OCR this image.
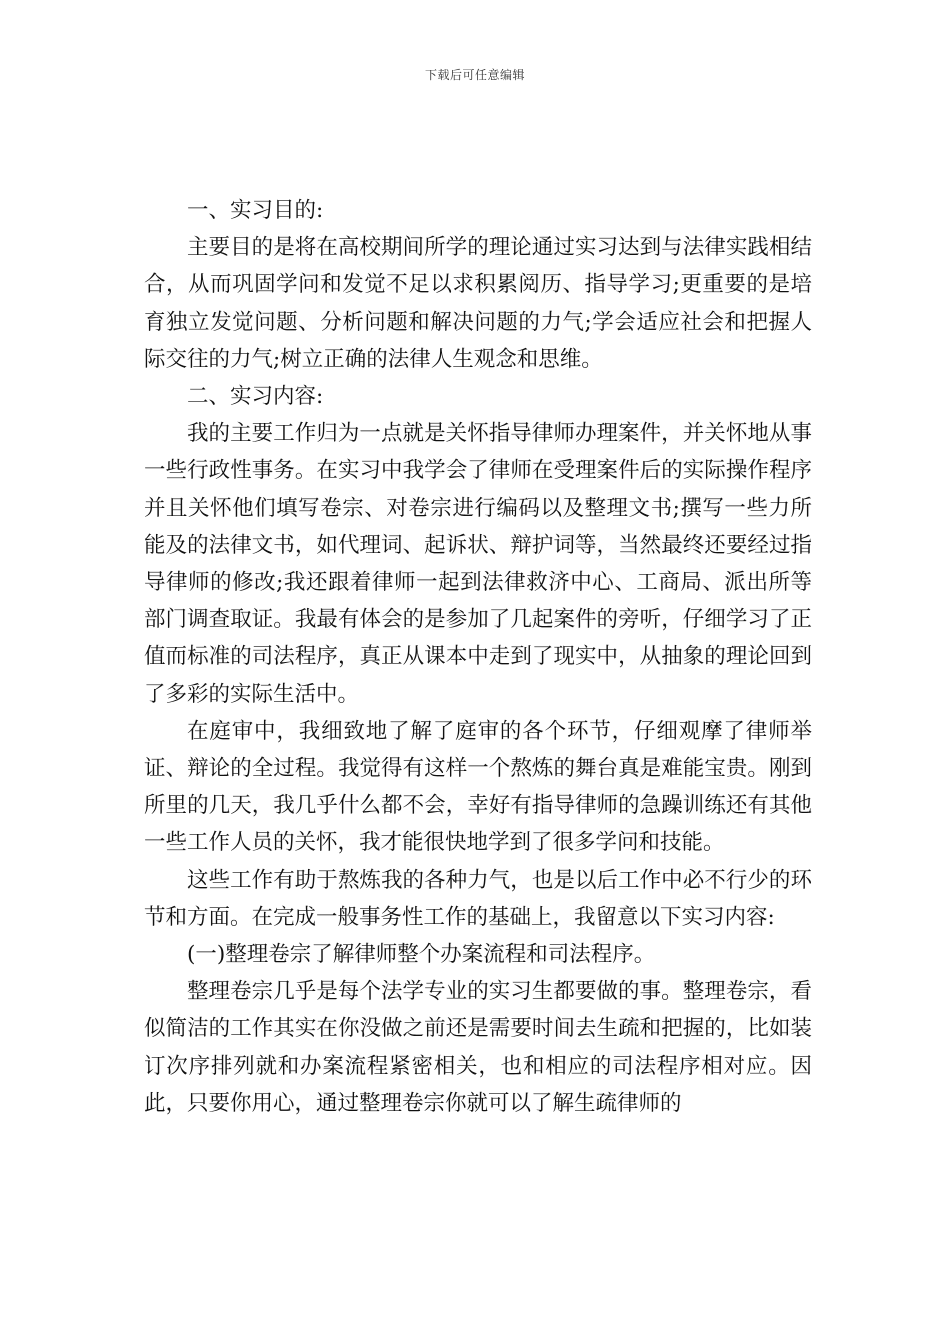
下载后可任意编辑

一、实习目的:

主要目的是将在高校期间所学的理论通过实习达到与法律实践相结合，从而巩固学问和发觉不足以求积累阅历、指导学习;更重要的是培育独立发觉问题、分析问题和解决问题的力气;学会适应社会和把握人际交往的力气;树立正确的法律人生观念和思维。

二、实习内容:

我的主要工作归为一点就是关怀指导律师办理案件，并关怀地从事一些行政性事务。在实习中我学会了律师在受理案件后的实际操作程序并且关怀他们填写卷宗、对卷宗进行编码以及整理文书;撰写一些力所能及的法律文书，如代理词、起诉状、辩护词等，当然最终还要经过指导律师的修改;我还跟着律师一起到法律救济中心、工商局、派出所等部门调查取证。我最有体会的是参加了几起案件的旁听，仔细学习了正值而标准的司法程序，真正从课本中走到了现实中，从抽象的理论回到了多彩的实际生活中。

在庭审中，我细致地了解了庭审的各个环节，仔细观摩了律师举证、辩论的全过程。我觉得有这样一个熬炼的舞台真是难能宝贵。刚到所里的几天，我几乎什么都不会，幸好有指导律师的急躁训练还有其他一些工作人员的关怀，我才能很快地学到了很多学问和技能。

这些工作有助于熬炼我的各种力气，也是以后工作中必不行少的环节和方面。在完成一般事务性工作的基础上，我留意以下实习内容:

(一)整理卷宗了解律师整个办案流程和司法程序。

整理卷宗几乎是每个法学专业的实习生都要做的事。整理卷宗，看似简洁的工作其实在你没做之前还是需要时间去生疏和把握的，比如装订次序排列就和办案流程紧密相关，也和相应的司法程序相对应。因此，只要你用心，通过整理卷宗你就可以了解生疏律师的
